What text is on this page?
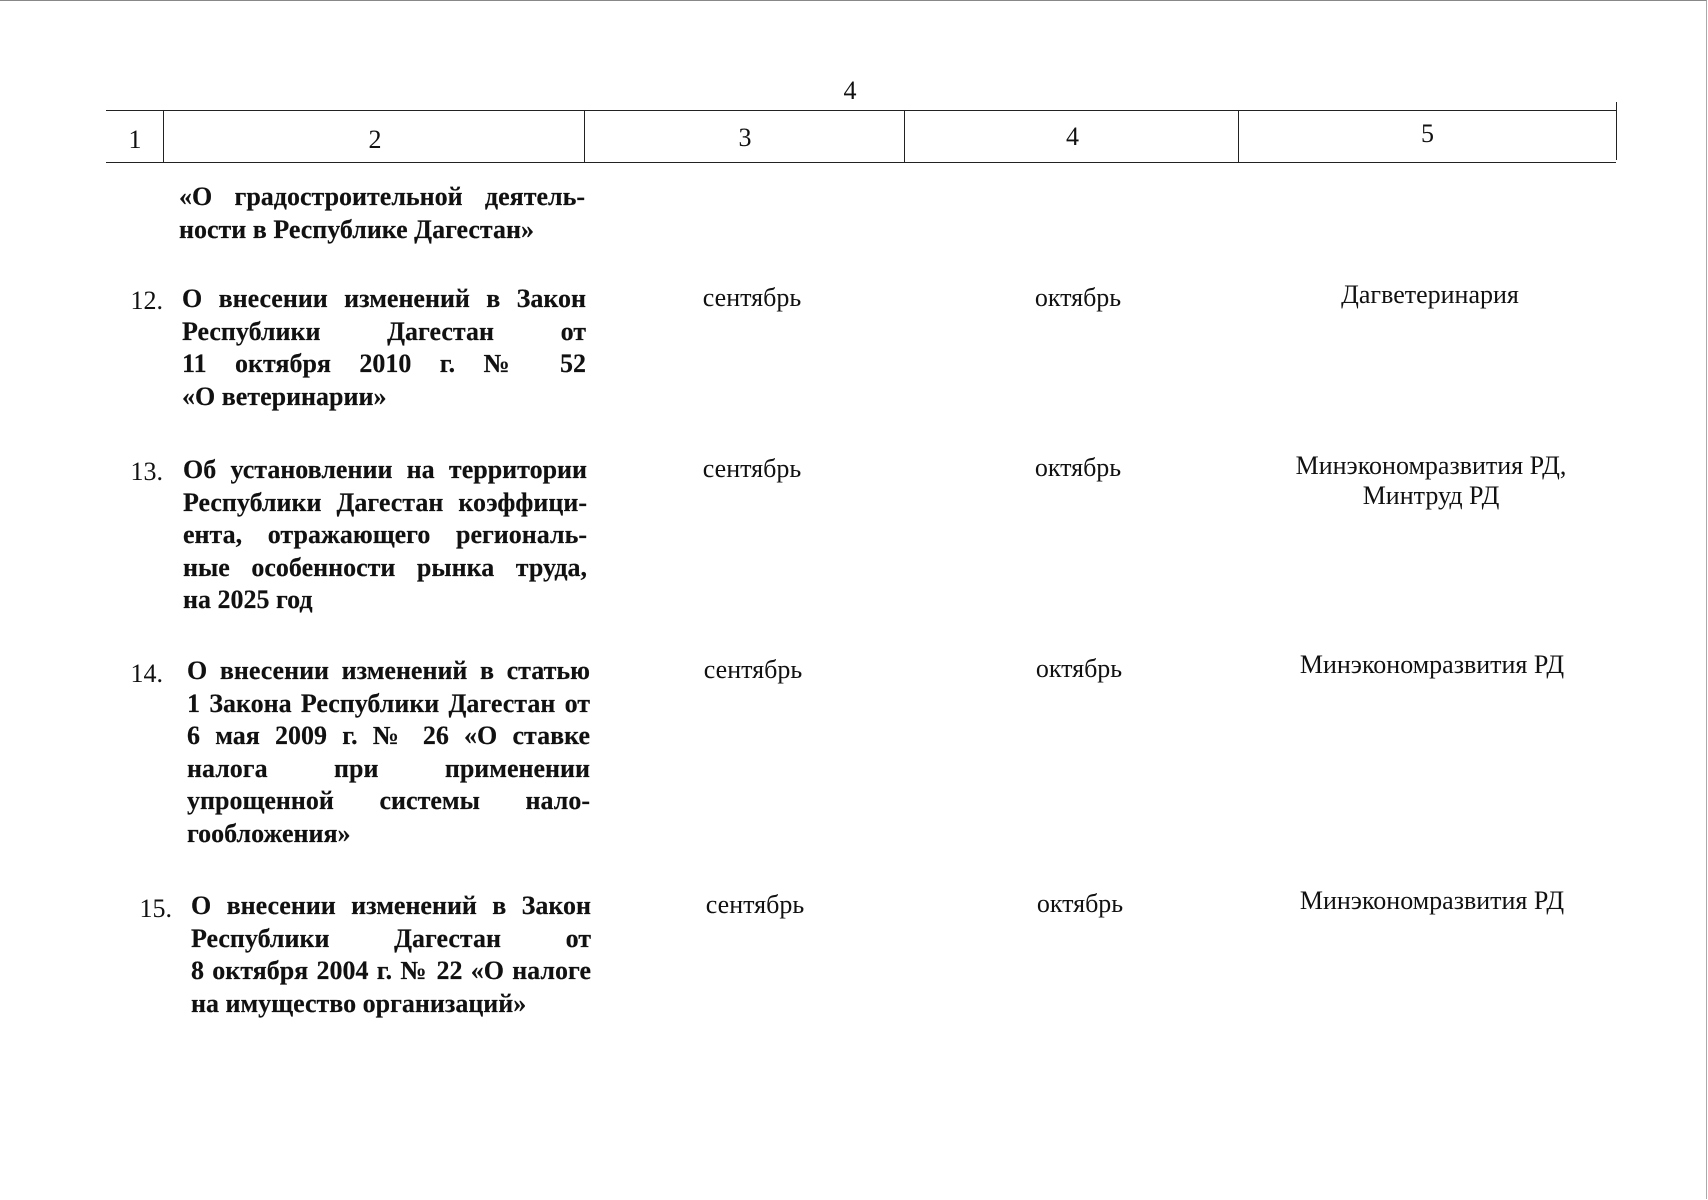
4
1	2	3	4	5
«О градостроительной деятель-
ности в Республике Дагестан»
12. О внесении изменений в Закон
Республики Дагестан от
11 октября 2010 г. № 52
«О ветеринарии»
сентябрь	октябрь	Дагветеринария
13. Об установлении на территории
Республики Дагестан коэффици-
ента, отражающего региональ-
ные особенности рынка труда,
на 2025 год
сентябрь	октябрь	Минэкономразвития РД,
Минтруд РД
14. О внесении изменений в статью
1 Закона Республики Дагестан от
6 мая 2009 г. № 26 «О ставке
налога при применении
упрощенной системы нало-
гообложения»
сентябрь	октябрь	Минэкономразвития РД
15. О внесении изменений в Закон
Республики Дагестан от
8 октября 2004 г. № 22 «О налоге
на имущество организаций»
сентябрь	октябрь	Минэкономразвития РД
